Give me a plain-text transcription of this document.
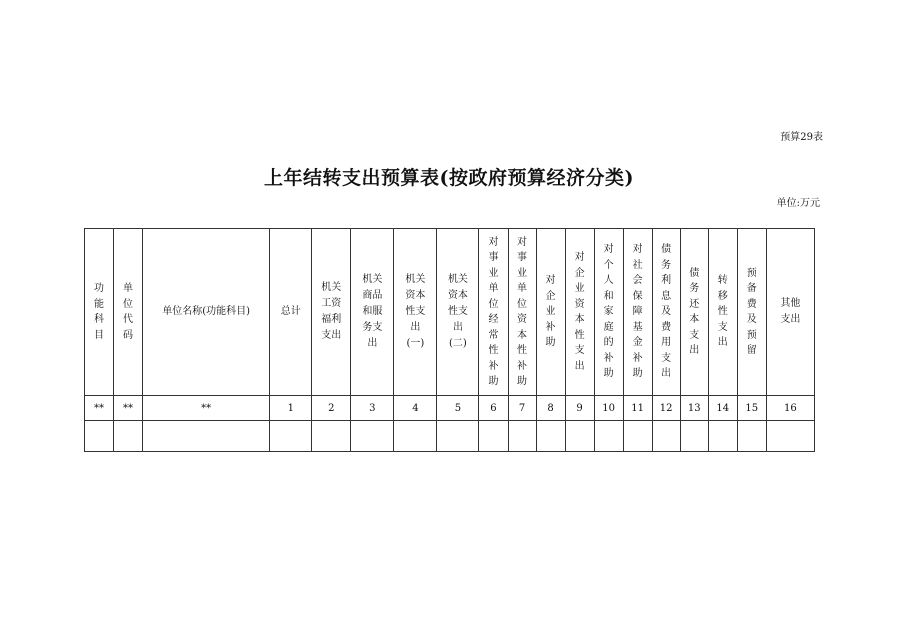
预算29表
上年结转支出预算表(按政府预算经济分类)
单位:万元
功能科目	单位代码	单位名称(功能科目)	总计	机关工资福利支出	机关商品和服务支出	机关资本性支出(一)	机关资本性支出(二)	对事业单位经常性补助	对事业单位资本性补助	对企业补助	对企业资本性支出	对个人和家庭的补助	对社会保障基金补助	债务利息及费用支出	债务还本支出	转移性支出	预备费及预留	其他支出
**	**	**	1	2	3	4	5	6	7	8	9	10	11	12	13	14	15	16
